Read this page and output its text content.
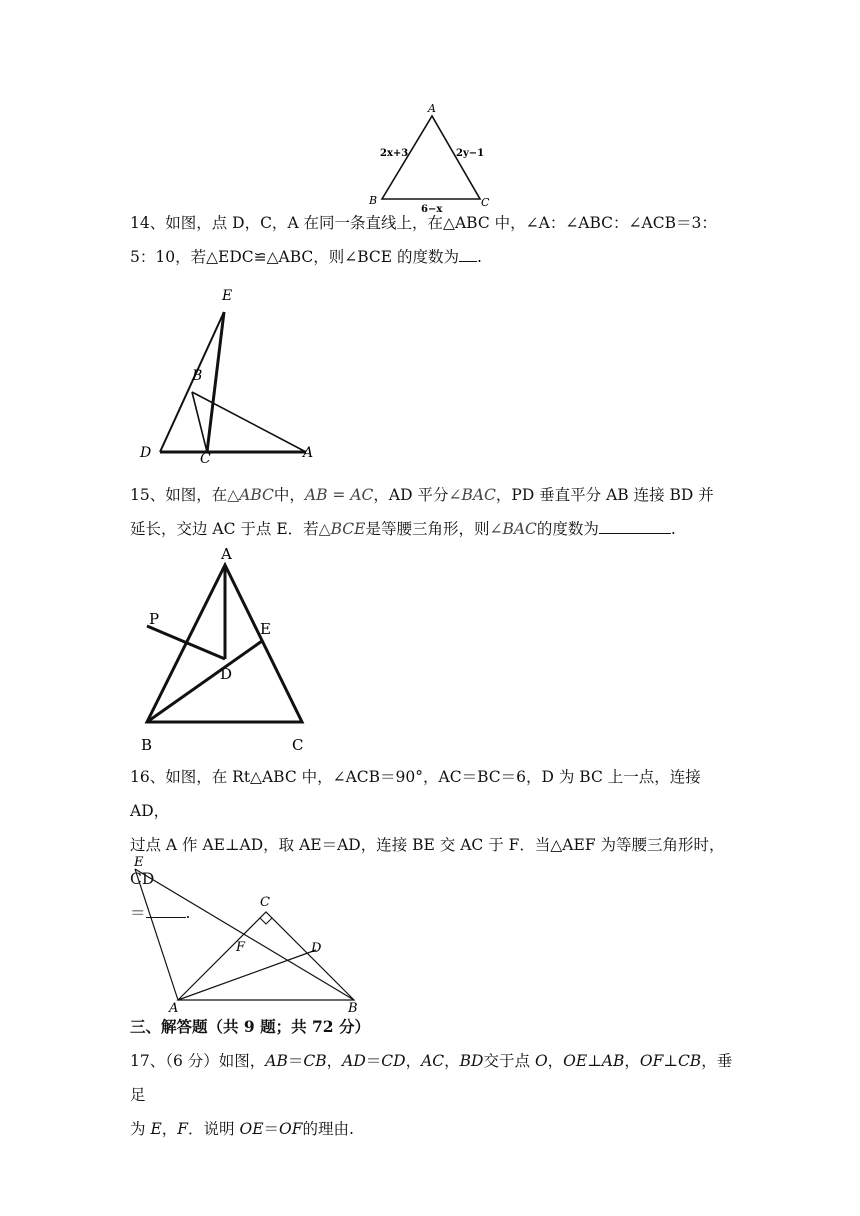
A
B	C
2x+3	2y−1
6−x
14、如图，点 D，C，A 在同一条直线上，在△ABC 中，∠A：∠ABC：∠ACB＝3：
5：10，若△EDC≌△ABC，则∠BCE 的度数为 .
E
B
D	C	A
15、如图，在△ABC中，AB = AC，AD 平分∠BAC，PD 垂直平分 AB 连接 BD 并
延长，交边 AC 于点 E．若△BCE是等腰三角形，则∠BAC的度数为	.
A
P
E
D
B	C
16、如图，在 Rt△ABC 中，∠ACB＝90°，AC＝BC＝6，D 为 BC 上一点，连接 AD，
过点 A 作 AE⊥AD，取 AE＝AD，连接 BE 交 AC 于 F．当△AEF 为等腰三角形时，CD
＝	.
E
C
F	D
A	B
三、解答题（共 9 题；共 72 分）
17、（6 分）如图，AB＝CB，AD＝CD，AC，BD交于点 O，OE⊥AB，OF⊥CB，垂足
为 E，F．说明 OE＝OF的理由.
